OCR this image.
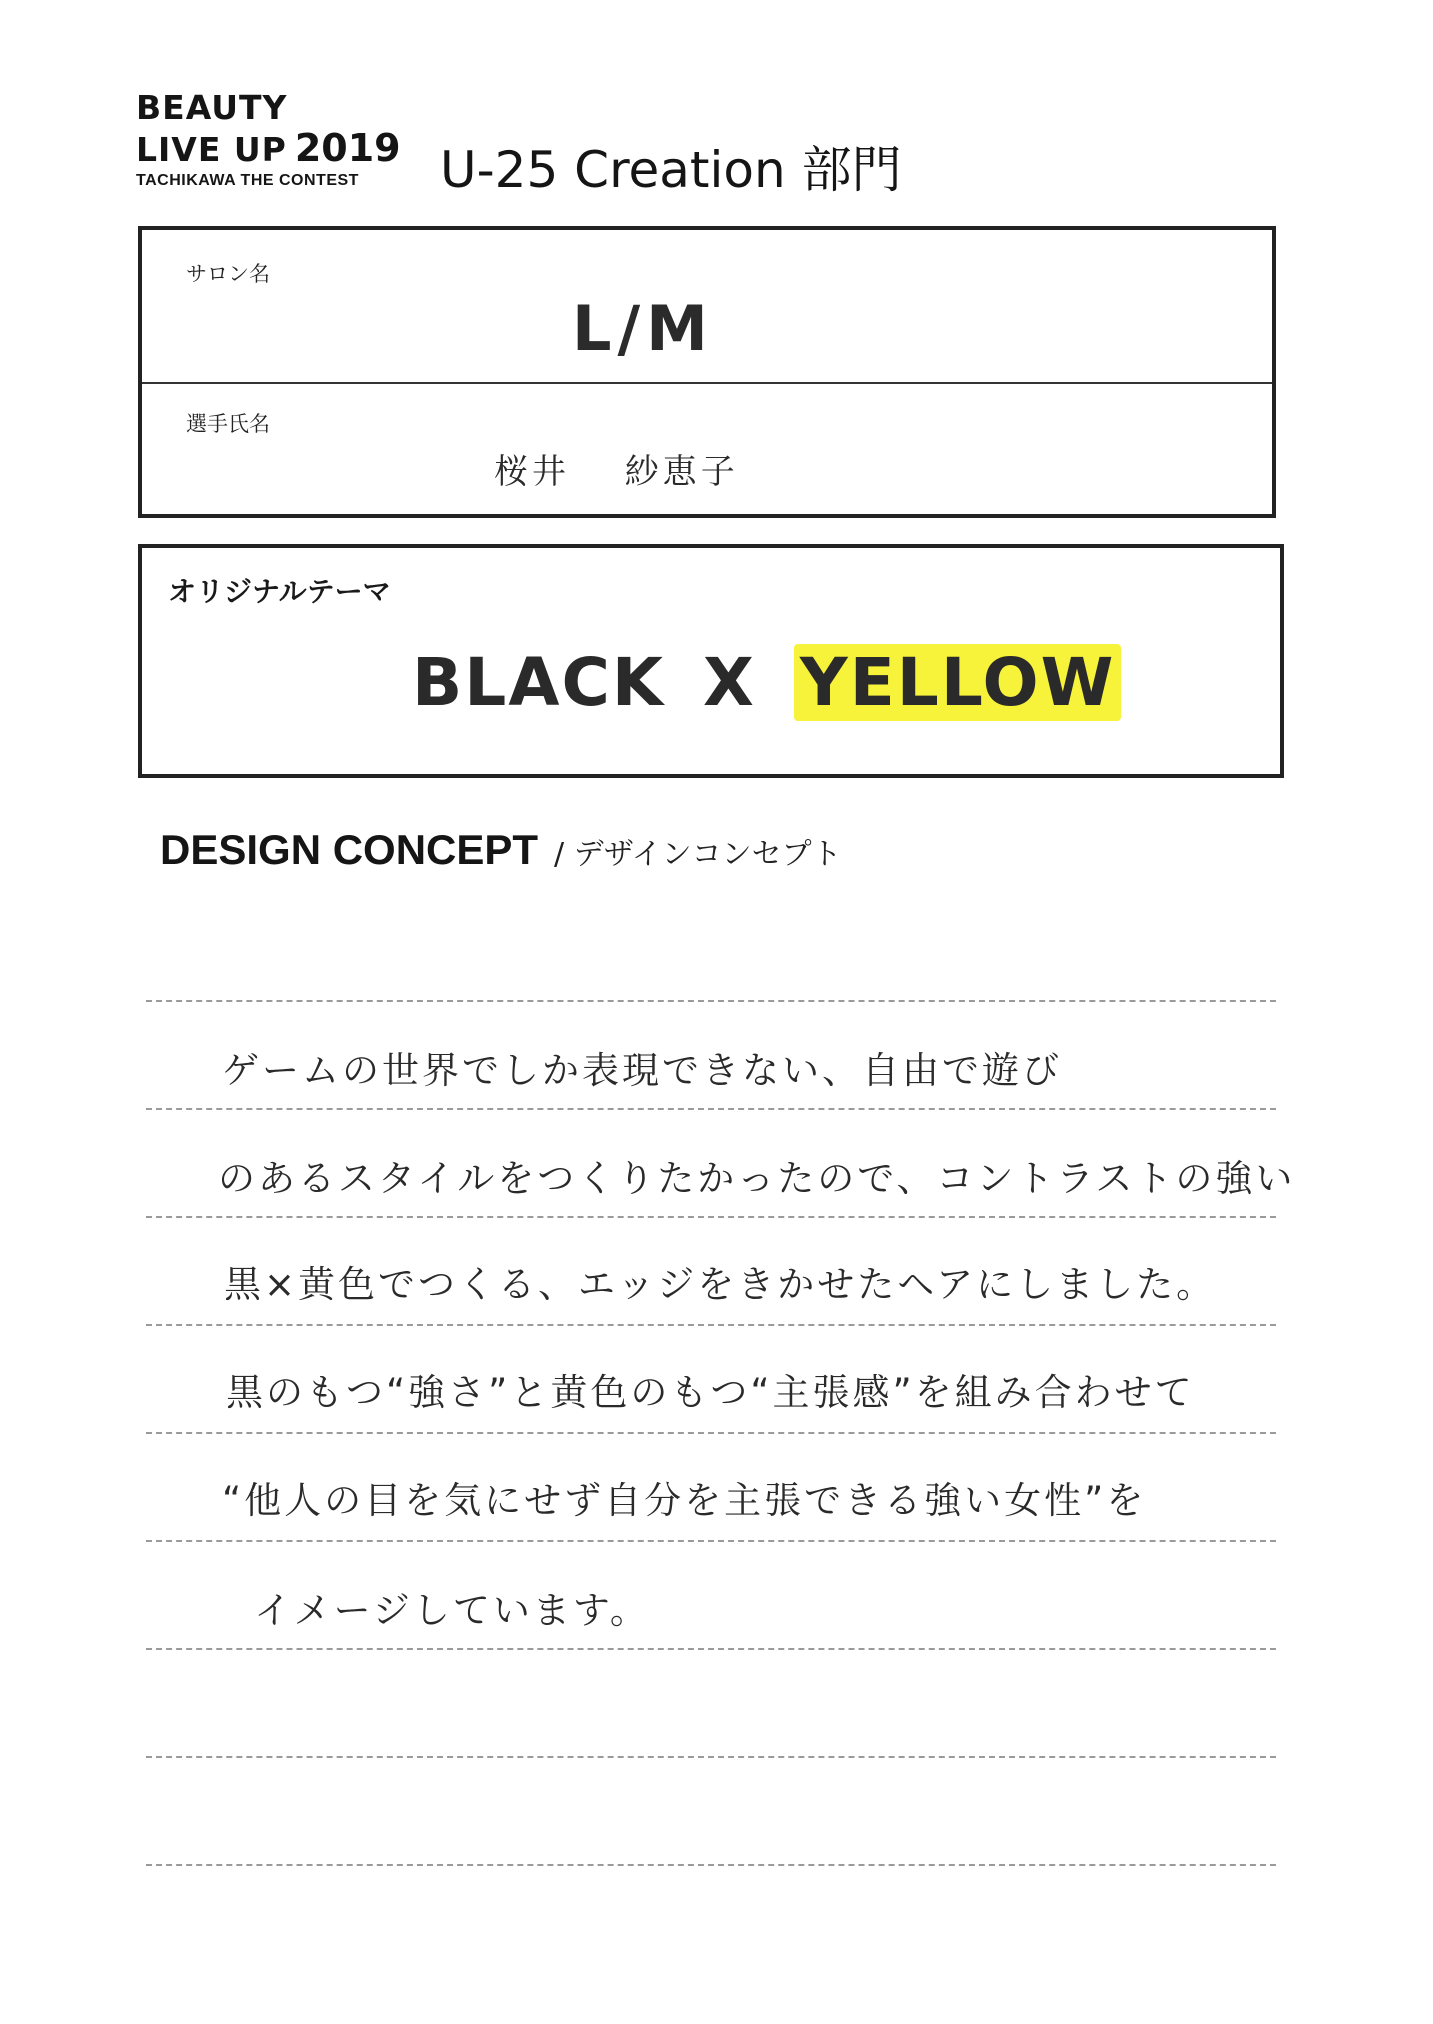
BEAUTY
LIVE UP 2019
TACHIKAWA THE CONTEST	U-25 Creation 部門
サロン名
L/M
選手氏名
桜井 紗恵子
オリジナルテーマ
BLACK X YELLOW
DESIGN CONCEPT / デザインコンセプト
ゲームの世界でしか表現できない、自由で遊び
のあるスタイルをつくりたかったので、コントラストの強い
黒×黄色でつくる、エッジをきかせたヘアにしました。
黒のもつ“強さ”と黄色のもつ“主張感”を組み合わせて
“他人の目を気にせず自分を主張できる強い女性”を
イメージしています。
